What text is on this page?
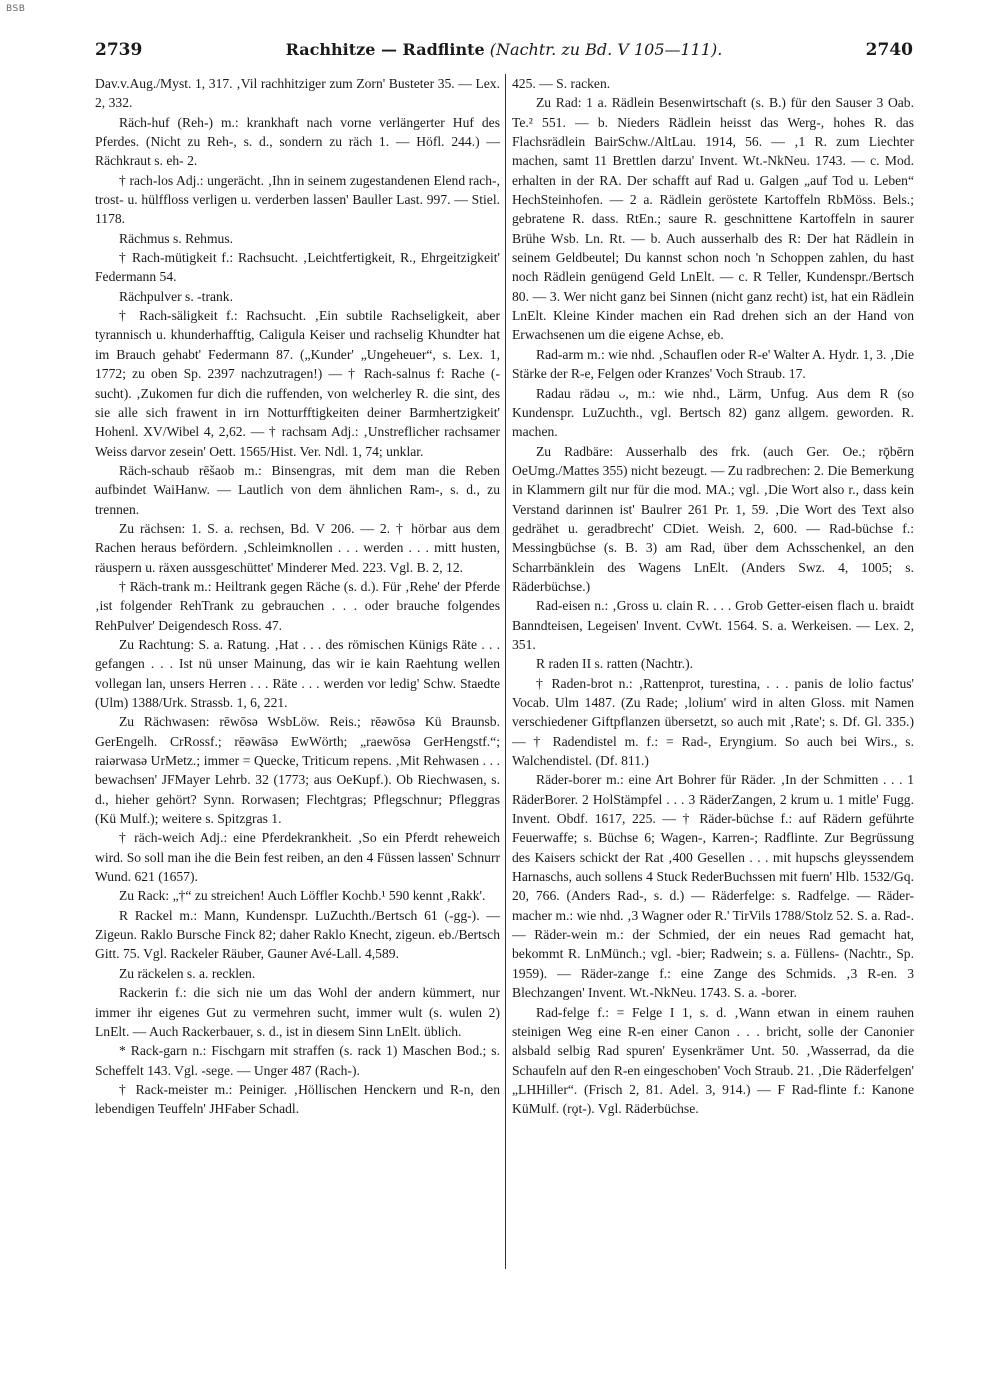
BSB
2739	Rachhitze — Radflinte (Nachtr. zu Bd. V 105—111).	2740

Dav.v.Aug./Myst. 1, 317. ‚Vil rachhitziger zum Zorn' Busteter 35. — Lex. 2, 332.

Räch-huf (Reh-) m.: krankhaft nach vorne verlängerter Huf des Pferdes. (Nicht zu Reh-, s. d., sondern zu räch 1. — Höfl. 244.) — Rächkraut s. eh- 2.

† rach-los Adj.: ungerächt. ‚Ihn in seinem zugestandenen Elend rach-, trost- u. hülffloss verligen u. verderben lassen' Bauller Last. 997. — Stiel. 1178.

Rächmus s. Rehmus.

† Rach-mütigkeit f.: Rachsucht. ‚Leichtfertigkeit, R., Ehrgeitzigkeit' Federmann 54.

Rächpulver s. -trank.

† Rach-säligkeit f.: Rachsucht. ‚Ein subtile Rachseligkeit, aber tyrannisch u. khunderhafftig, Caligula Keiser und rachselig Khundter hat im Brauch gehabt' Federmann 87. („Kunder' „Ungeheuer“, s. Lex. 1, 1772; zu oben Sp. 2397 nachzutragen!) — † Rach-salnus f: Rache (-sucht). ‚Zukomen fur dich die ruffenden, von welcherley R. die sint, des sie alle sich frawent in irn Notturfftigkeiten deiner Barmhertzigkeit' Hohenl. XV/Wibel 4, 2,62. — † rachsam Adj.: ‚Unstreflicher rachsamer Weiss darvor zesein' Oett. 1565/Hist. Ver. Ndl. 1, 74; unklar.

Räch-schaub rēšaob m.: Binsengras, mit dem man die Reben aufbindet WaiHanw. — Lautlich von dem ähnlichen Ram-, s. d., zu trennen.

Zu rächsen: 1. S. a. rechsen, Bd. V 206. — 2. † hörbar aus dem Rachen heraus befördern. ‚Schleimknollen . . . werden . . . mitt husten, räuspern u. räxen aussgeschüttet' Minderer Med. 223. Vgl. B. 2, 12.

† Räch-trank m.: Heiltrank gegen Räche (s. d.). Für ‚Rehe' der Pferde ‚ist folgender RehTrank zu gebrauchen . . . oder brauche folgendes RehPulver' Deigendesch Ross. 47.

Zu Rachtung: S. a. Ratung. ‚Hat . . . des römischen Künigs Räte . . . gefangen . . . Ist nü unser Mainung, das wir ie kain Raehtung wellen vollegan lan, unsers Herren . . . Räte . . . werden vor ledig' Schw. Staedte (Ulm) 1388/Urk. Strassb. 1, 6, 221.

Zu Rächwasen: rēwōsə WsbLöw. Reis.; rēəwōsə Kü Braunsb. GerEngelh. CrRossf.; rēəwāsə EwWörth; „raewōsə GerHengstf.“; raiərwasə UrMetz.; immer = Quecke, Triticum repens. ‚Mit Rehwasen . . . bewachsen' JFMayer Lehrb. 32 (1773; aus OeKupf.). Ob Riechwasen, s. d., hieher gehört? Synn. Rorwasen; Flechtgras; Pflegschnur; Pfleggras (Kü Mulf.); weitere s. Spitzgras 1.

† räch-weich Adj.: eine Pferdekrankheit. ‚So ein Pferdt reheweich wird. So soll man ihe die Bein fest reiben, an den 4 Füssen lassen' Schnurr Wund. 621 (1657).

Zu Rack: „†“ zu streichen! Auch Löffler Kochb.¹ 590 kennt ‚Rakk'.

R Rackel m.: Mann, Kundenspr. LuZuchth./Bertsch 61 (-gg-). — Zigeun. Raklo Bursche Finck 82; daher Raklo Knecht, zigeun. eb./Bertsch Gitt. 75. Vgl. Rackeler Räuber, Gauner Avé-Lall. 4,589.

Zu räckelen s. a. recklen.

Rackerin f.: die sich nie um das Wohl der andern kümmert, nur immer ihr eigenes Gut zu vermehren sucht, immer wult (s. wulen 2) LnElt. — Auch Rackerbauer, s. d., ist in diesem Sinn LnElt. üblich.

* Rack-garn n.: Fischgarn mit straffen (s. rack 1) Maschen Bod.; s. Scheffelt 143. Vgl. -sege. — Unger 487 (Rach-).

† Rack-meister m.: Peiniger. ‚Höllischen Henckern und R-n, den lebendigen Teuffeln' JHFaber Schadl.

425. — S. racken.

Zu Rad: 1 a. Rädlein Besenwirtschaft (s. B.) für den Sauser 3 Oab. Te.² 551. — b. Nieders Rädlein heisst das Werg-, hohes R. das Flachsrädlein BairSchw./AltLau. 1914, 56. — ‚1 R. zum Liechter machen, samt 11 Brettlen darzu' Invent. Wt.-NkNeu. 1743. — c. Mod. erhalten in der RA. Der schafft auf Rad u. Galgen „auf Tod u. Leben“ HechSteinhofen. — 2 a. Rädlein geröstete Kartoffeln RbMöss. Bels.; gebratene R. dass. RtEn.; saure R. geschnittene Kartoffeln in saurer Brühe Wsb. Ln. Rt. — b. Auch ausserhalb des R: Der hat Rädlein in seinem Geldbeutel; Du kannst schon noch 'n Schoppen zahlen, du hast noch Rädlein genügend Geld LnElt. — c. R Teller, Kundenspr./Bertsch 80. — 3. Wer nicht ganz bei Sinnen (nicht ganz recht) ist, hat ein Rädlein LnElt. Kleine Kinder machen ein Rad drehen sich an der Hand von Erwachsenen um die eigene Achse, eb.

Rad-arm m.: wie nhd. ‚Schauflen oder R-e' Walter A. Hydr. 1, 3. ‚Die Stärke der R-e, Felgen oder Kranzes' Voch Straub. 17.

Radau rädəu ᴗ, m.: wie nhd., Lärm, Unfug. Aus dem R (so Kundenspr. LuZuchth., vgl. Bertsch 82) ganz allgem. geworden. R. machen.

Zu Radbäre: Ausserhalb des frk. (auch Ger. Oe.; rǭbērn OeUmg./Mattes 355) nicht bezeugt. — Zu radbrechen: 2. Die Bemerkung in Klammern gilt nur für die mod. MA.; vgl. ‚Die Wort also r., dass kein Verstand darinnen ist' Baulrer 261 Pr. 1, 59. ‚Die Wort des Text also gedrähet u. geradbrecht' CDiet. Weish. 2, 600. — Rad-büchse f.: Messingbüchse (s. B. 3) am Rad, über dem Achsschenkel, an den Scharrbänklein des Wagens LnElt. (Anders Swz. 4, 1005; s. Räderbüchse.)

Rad-eisen n.: ‚Gross u. clain R. . . . Grob Getter-eisen flach u. braidt Banndteisen, Legeisen' Invent. CvWt. 1564. S. a. Werkeisen. — Lex. 2, 351.

R raden II s. ratten (Nachtr.).

† Raden-brot n.: ‚Rattenprot, turestina, . . . panis de lolio factus' Vocab. Ulm 1487. (Zu Rade; ‚lolium' wird in alten Gloss. mit Namen verschiedener Giftpflanzen übersetzt, so auch mit ‚Rate'; s. Df. Gl. 335.) — † Radendistel m. f.: = Rad-, Eryngium. So auch bei Wirs., s. Walchendistel. (Df. 811.)

Räder-borer m.: eine Art Bohrer für Räder. ‚In der Schmitten . . . 1 RäderBorer. 2 HolStämpfel . . . 3 RäderZangen, 2 krum u. 1 mitle' Fugg. Invent. Obdf. 1617, 225. — † Räder-büchse f.: auf Rädern geführte Feuerwaffe; s. Büchse 6; Wagen-, Karren-; Radflinte. Zur Begrüssung des Kaisers schickt der Rat ‚400 Gesellen . . . mit hupschs gleyssendem Harnaschs, auch sollens 4 Stuck RederBuchssen mit fuern' Hlb. 1532/Gq. 20, 766. (Anders Rad-, s. d.) — Räderfelge: s. Radfelge. — Räder-macher m.: wie nhd. ‚3 Wagner oder R.' TirVils 1788/Stolz 52. S. a. Rad-. — Räder-wein m.: der Schmied, der ein neues Rad gemacht hat, bekommt R. LnMünch.; vgl. -bier; Radwein; s. a. Füllens- (Nachtr., Sp. 1959). — Räder-zange f.: eine Zange des Schmids. ‚3 R-en. 3 Blechzangen' Invent. Wt.-NkNeu. 1743. S. a. -borer.

Rad-felge f.: = Felge I 1, s. d. ‚Wann etwan in einem rauhen steinigen Weg eine R-en einer Canon . . . bricht, solle der Canonier alsbald selbig Rad spuren' Eysenkrämer Unt. 50. ‚Wasserrad, da die Schaufeln auf den R-en eingeschoben' Voch Straub. 21. ‚Die Räderfelgen' „LHHiller“. (Frisch 2, 81. Adel. 3, 914.) — F Rad-flinte f.: Kanone KüMulf. (rǫt-). Vgl. Räderbüchse.
